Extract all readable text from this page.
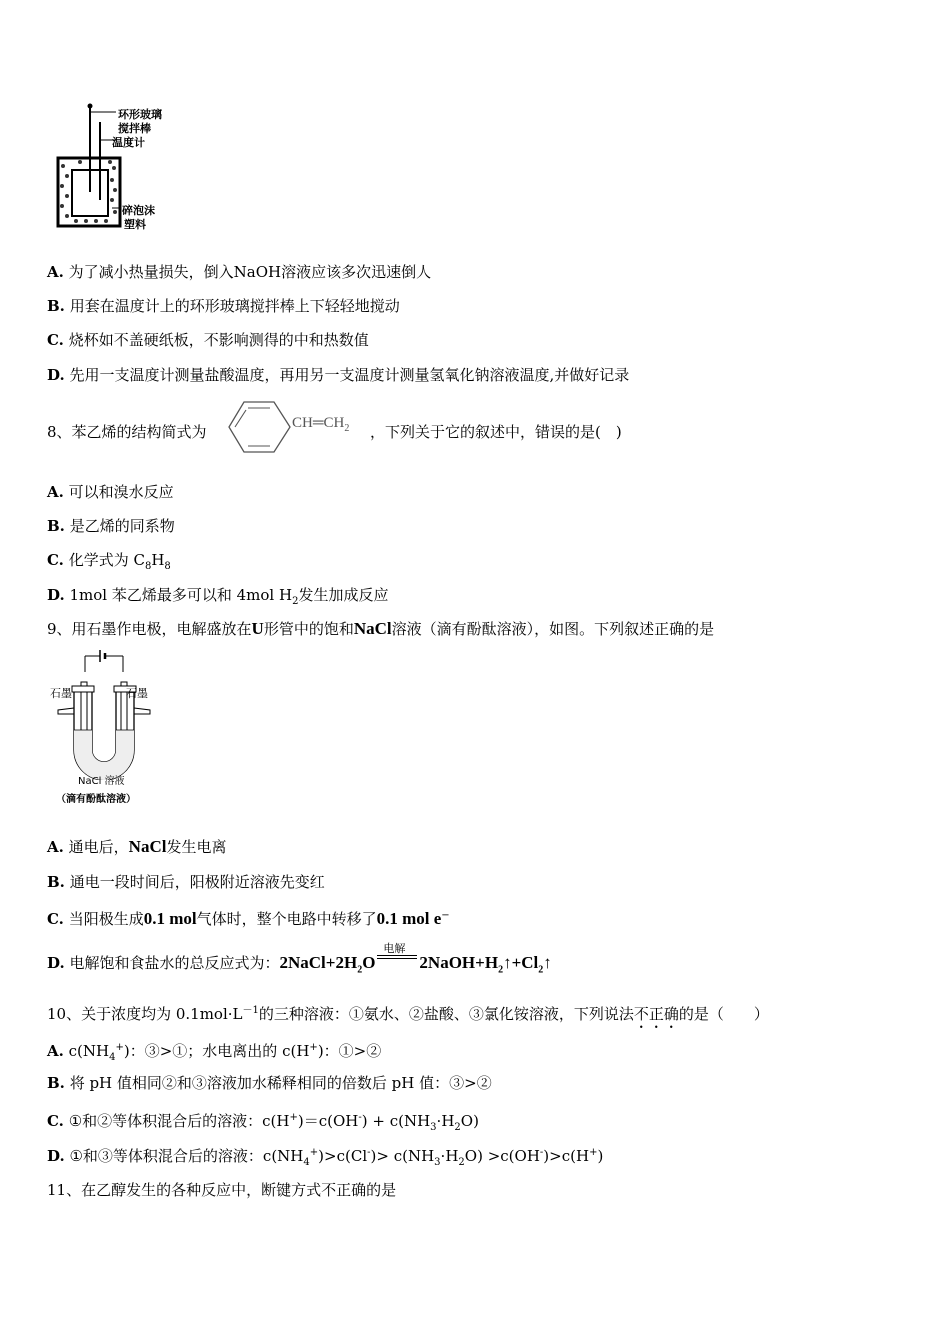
环形玻璃
搅拌棒
温度计
碎泡沫
塑料
A. 为了减小热量损失，倒入NaOH溶液应该多次迅速倒人
B. 用套在温度计上的环形玻璃搅拌棒上下轻轻地搅动
C. 烧杯如不盖硬纸板，不影响测得的中和热数值
D. 先用一支温度计测量盐酸温度，再用另一支温度计测量氢氧化钠溶液温度,并做好记录
8、苯乙烯的结构简式为	$CH═CH_2$ ，下列关于它的叙述中，错误的是(　)
A. 可以和溴水反应
B. 是乙烯的同系物
C. 化学式为 $C_8H_8$
D. 1mol 苯乙烯最多可以和 4mol $H_2$发生加成反应
9、用石墨作电极，电解盛放在U形管中的饱和NaCl溶液（滴有酚酞溶液），如图。下列叙述正确的是
石墨	石墨
NaCl 溶液
（滴有酚酞溶液）
A. 通电后，NaCl发生电离
B. 通电一段时间后，阳极附近溶液先变红
C. 当阳极生成0.1 mol气体时，整个电路中转移了0.1 mol e−
D. 电解饱和食盐水的总反应式为：$2NaCl+2H_2O$
电解
$2NaOH+H_2↑+Cl_2↑$
10、关于浓度均为 $0.1mol\cdot L^{-1}$的三种溶液：①氨水、②盐酸、③氯化铵溶液，下列说法不正确的是（　　）
A. $c(NH_4^+)$：③>①；水电离出的 c(H+)：①>②
B. 将 pH 值相同②和③溶液加水稀释相同的倍数后 pH 值：③>②
C. ①和②等体积混合后的溶液：$c(H^+)=c(OH^-) + c(NH_3\cdot H_2O)$
D. ①和③等体积混合后的溶液：$c(NH_4^+)>c(Cl^-)> c(NH_3\cdot H_2O) >c(OH^-)>c(H^+)$
11、在乙醇发生的各种反应中，断键方式不正确的是
